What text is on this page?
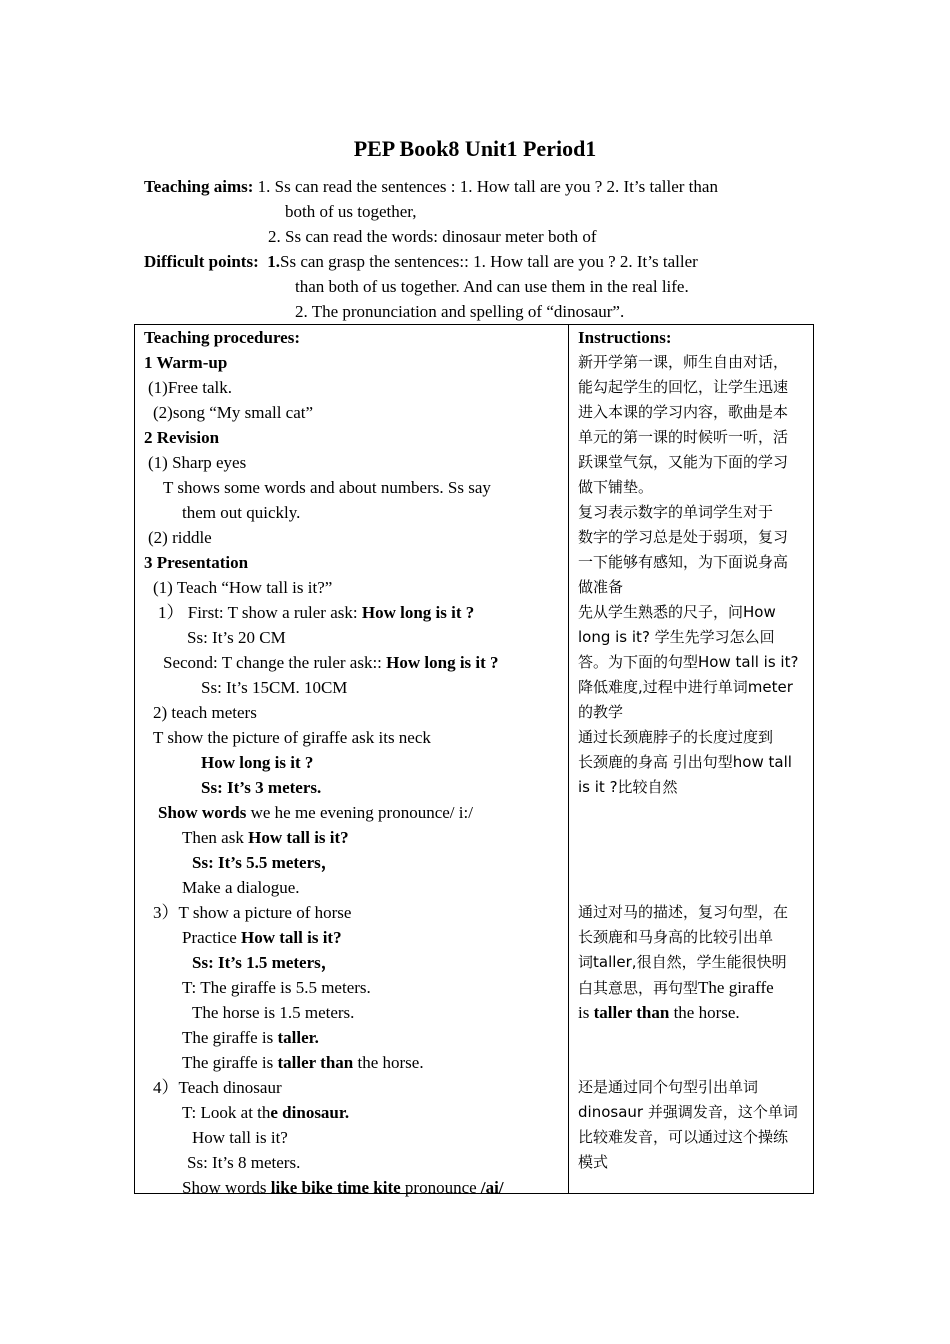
PEP Book8 Unit1 Period1
Teaching aims: 1. Ss can read the sentences : 1. How tall are you ? 2. It’s taller than
both of us together,
2. Ss can read the words: dinosaur meter both of
Difficult points: 1.Ss can grasp the sentences:: 1. How tall are you ? 2. It’s taller
than both of us together. And can use them in the real life.
2. The pronunciation and spelling of “dinosaur”.
Teaching procedures:
1 Warm-up
(1)Free talk.
(2)song “My small cat”
2 Revision
(1) Sharp eyes
T shows some words and about numbers. Ss say
them out quickly.
(2) riddle
3 Presentation
(1) Teach “How tall is it?”
1） First: T show a ruler ask: How long is it ?
Ss: It’s 20 CM
Second: T change the ruler ask:: How long is it ?
Ss: It’s 15CM. 10CM
2) teach meters
T show the picture of giraffe ask its neck
How long is it ?
Ss: It’s 3 meters.
Show words we he me evening pronounce/ i:/
Then ask How tall is it?
Ss: It’s 5.5 meters，
Make a dialogue.
3）T show a picture of horse
Practice How tall is it?
Ss: It’s 1.5 meters，
T: The giraffe is 5.5 meters.
The horse is 1.5 meters.
The giraffe is taller.
The giraffe is taller than the horse.
4）Teach dinosaur
T: Look at the dinosaur.
How tall is it?
Ss: It’s 8 meters.
Show words like bike time kite pronounce /ai/
Instructions:
新开学第一课，师生自由对话，
能勾起学生的回忆，让学生迅速
进入本课的学习内容，歌曲是本
单元的第一课的时候听一听，活
跃课堂气氛，又能为下面的学习
做下铺垫。
复习表示数字的单词学生对于
数字的学习总是处于弱项，复习
一下能够有感知，为下面说身高
做准备
先从学生熟悉的尺子，问How
long is it? 学生先学习怎么回
答。为下面的句型How tall is it?
降低难度,过程中进行单词meter
的教学
通过长颈鹿脖子的长度过度到
长颈鹿的身高 引出句型how tall
is it ?比较自然
通过对马的描述，复习句型，在
长颈鹿和马身高的比较引出单
词taller,很自然，学生能很快明
白其意思，再句型The giraffe
is taller than the horse.
还是通过同个句型引出单词
dinosaur 并强调发音，这个单词
比较难发音，可以通过这个操练
模式
